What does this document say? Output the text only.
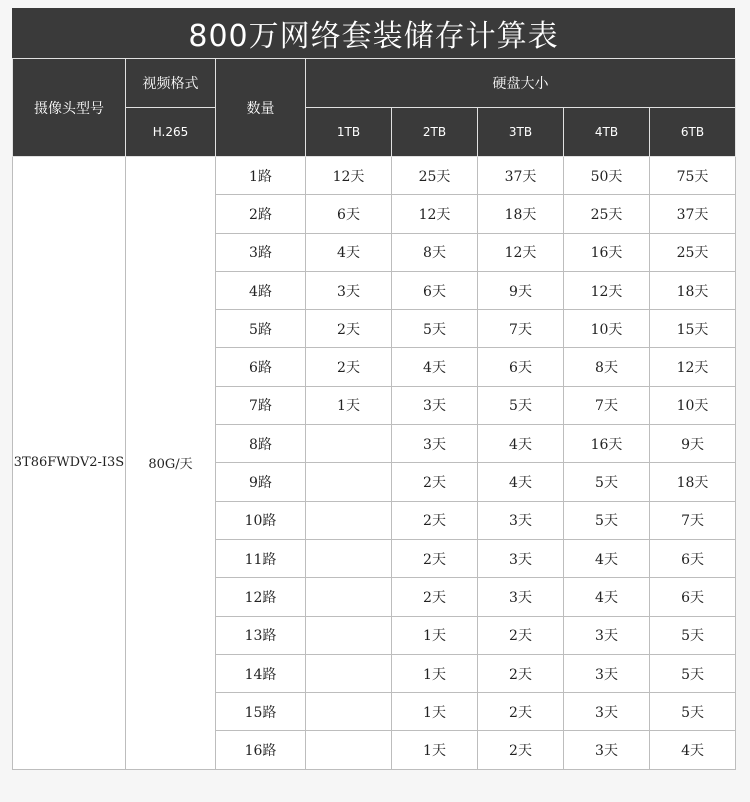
800万网络套装储存计算表
摄像头型号	视频格式	数量	硬盘大小				
	H.265		1TB	2TB	3TB	4TB	6TB
3T86FWDV2-I3S	80G/天	1路	12天	25天	37天	50天	75天
		2路	6天	12天	18天	25天	37天
		3路	4天	8天	12天	16天	25天
		4路	3天	6天	9天	12天	18天
		5路	2天	5天	7天	10天	15天
		6路	2天	4天	6天	8天	12天
		7路	1天	3天	5天	7天	10天
		8路		3天	4天	16天	9天
		9路		2天	4天	5天	18天
		10路		2天	3天	5天	7天
		11路		2天	3天	4天	6天
		12路		2天	3天	4天	6天
		13路		1天	2天	3天	5天
		14路		1天	2天	3天	5天
		15路		1天	2天	3天	5天
		16路		1天	2天	3天	4天
